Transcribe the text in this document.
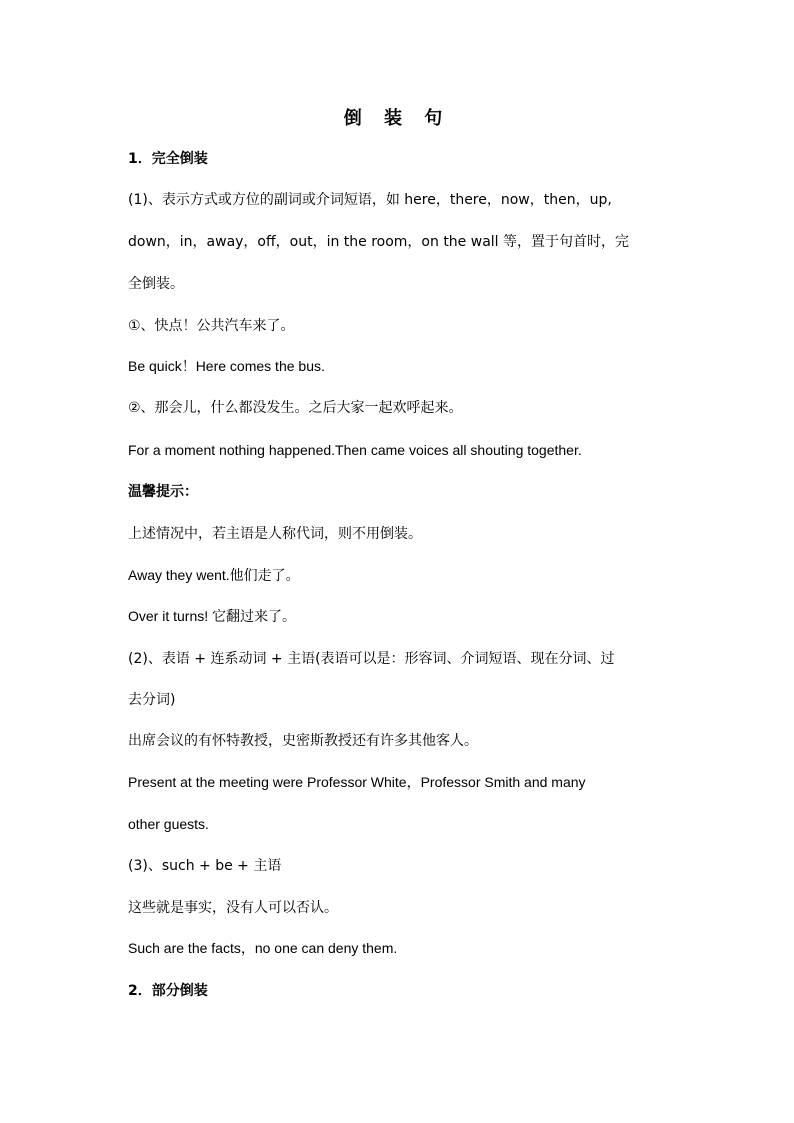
倒 装 句
1．完全倒装
(1)、表示方式或方位的副词或介词短语，如 here，there，now，then，up,
down，in，away，off，out，in the room，on the wall 等，置于句首时，完
全倒装。
①、快点！公共汽车来了。
Be quick！Here comes the bus.
②、那会儿，什么都没发生。之后大家一起欢呼起来。
For a moment nothing happened.Then came voices all shouting together.
温馨提示：
上述情况中，若主语是人称代词，则不用倒装。
Away they went.他们走了。
Over it turns! 它翻过来了。
(2)、表语 + 连系动词 + 主语(表语可以是：形容词、介词短语、现在分词、过
去分词)
出席会议的有怀特教授，史密斯教授还有许多其他客人。
Present at the meeting were Professor White，Professor Smith and many
other guests.
(3)、such + be + 主语
这些就是事实，没有人可以否认。
Such are the facts，no one can deny them.
2．部分倒装
